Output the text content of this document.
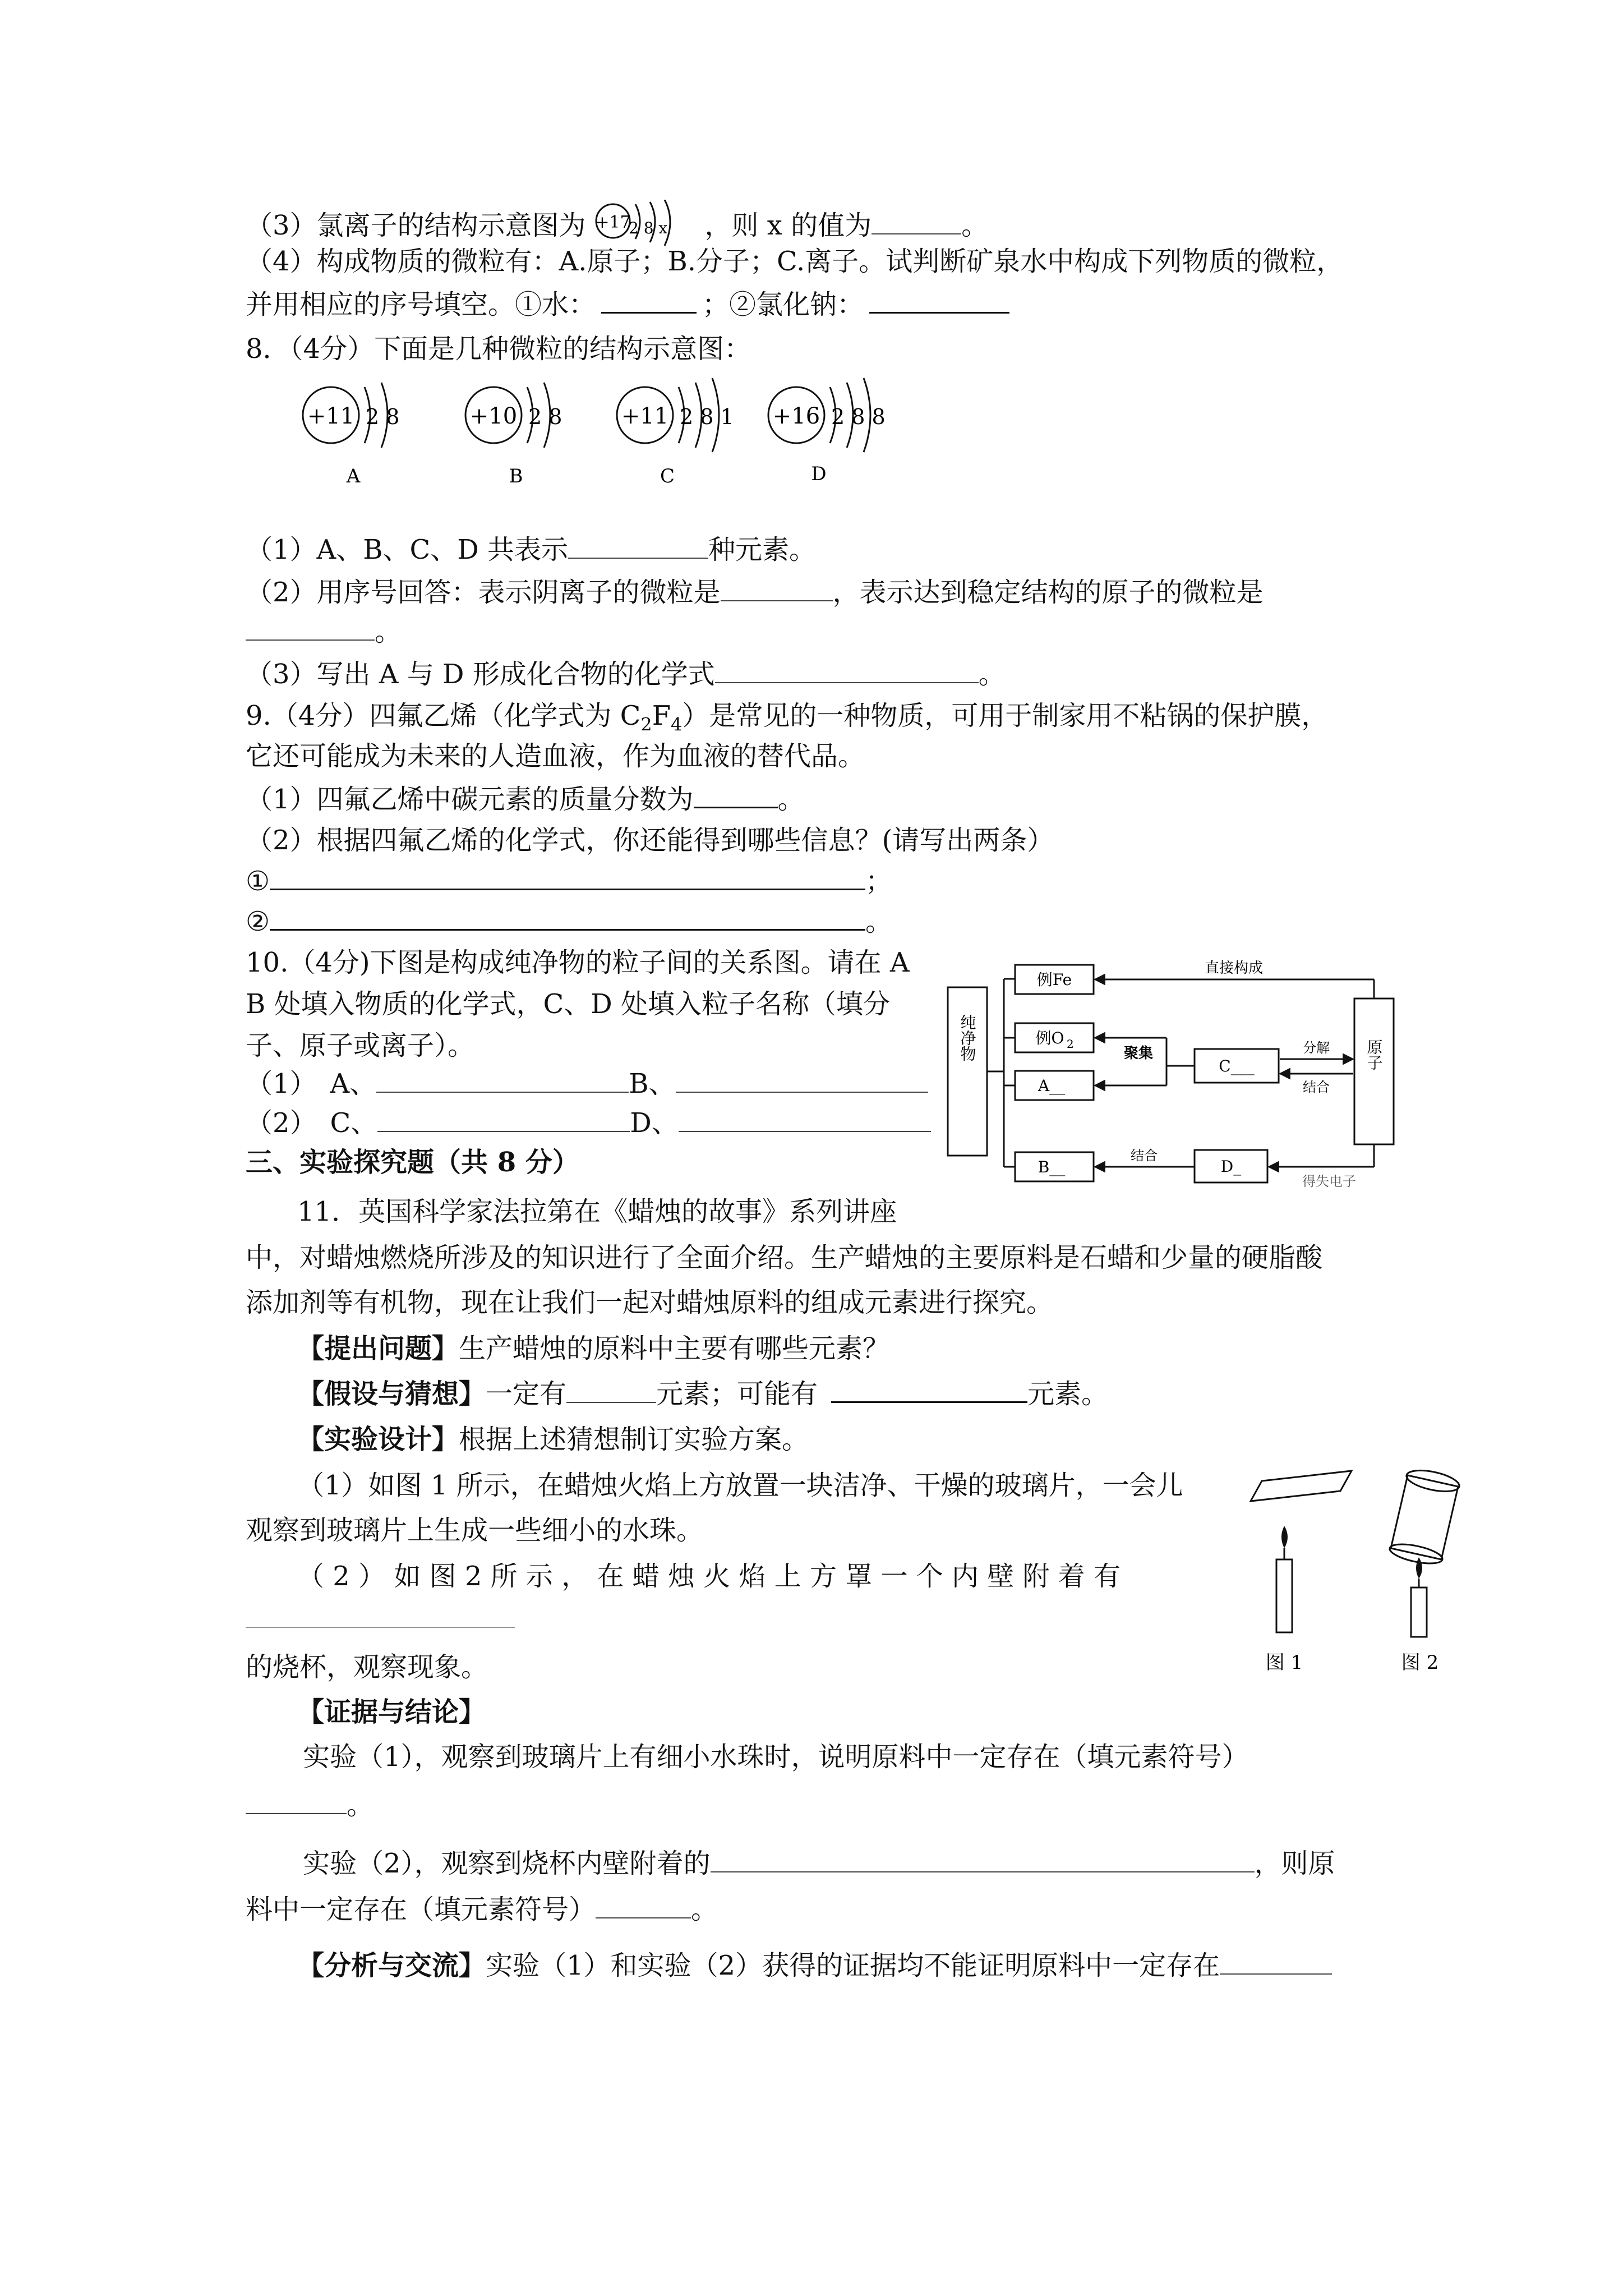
（3）氯离子的结构示意图为 +17
2 8 x ，则 x 的值为	。
（4）构成物质的微粒有：A.原子；B.分子；C.离子。试判断矿泉水中构成下列物质的微粒，
并用相应的序号填空。①水：	；②氯化钠：
8．（4分）下面是几种微粒的结构示意图：
+11 2 8
A
+10 2 8
B
+11 2 8 1
C
+16 2 8 8
D
（1）A、B、C、D 共表示	种元素。
（2）用序号回答：表示阴离子的微粒是	，表示达到稳定结构的原子的微粒是
。
（3）写出 A 与 D 形成化合物的化学式	。
9.（4分）四氟乙烯（化学式为 $C_2F_4$）是常见的一种物质，可用于制家用不粘锅的保护膜，
它还可能成为未来的人造血液，作为血液的替代品。
（1）四氟乙烯中碳元素的质量分数为	。
（2）根据四氟乙烯的化学式，你还能得到哪些信息？(请写出两条）
①	；
②	。
10.（4分)下图是构成纯净物的粒子间的关系图。请在 A
B 处填入物质的化学式，C、D 处填入粒子名称（填分
子、原子或离子）。
（1）　A、	B、
（2）　C、	D、
纯净物
例Fe
例O 2
A__
B__
C___
D_
原子
直接构成
聚集	分解
结合
结合
得失电子
三、实验探究题（共 8 分）
11．英国科学家法拉第在《蜡烛的故事》系列讲座
中，对蜡烛燃烧所涉及的知识进行了全面介绍。生产蜡烛的主要原料是石蜡和少量的硬脂酸
添加剂等有机物，现在让我们一起对蜡烛原料的组成元素进行探究。
【提出问题】生产蜡烛的原料中主要有哪些元素？
【假设与猜想】一定有	元素；可能有	元素。
【实验设计】根据上述猜想制订实验方案。
（1）如图 1 所示，在蜡烛火焰上方放置一块洁净、干燥的玻璃片，一会儿
观察到玻璃片上生成一些细小的水珠。
（ 2 ） 如 图 2 所 示 ， 在 蜡 烛 火 焰 上 方 罩 一 个 内 壁 附 着 有
的烧杯，观察现象。	图 1	图 2
【证据与结论】
实验（1），观察到玻璃片上有细小水珠时，说明原料中一定存在（填元素符号）
。
实验（2），观察到烧杯内壁附着的	，则原
料中一定存在（填元素符号）	。
【分析与交流】实验（1）和实验（2）获得的证据均不能证明原料中一定存在
